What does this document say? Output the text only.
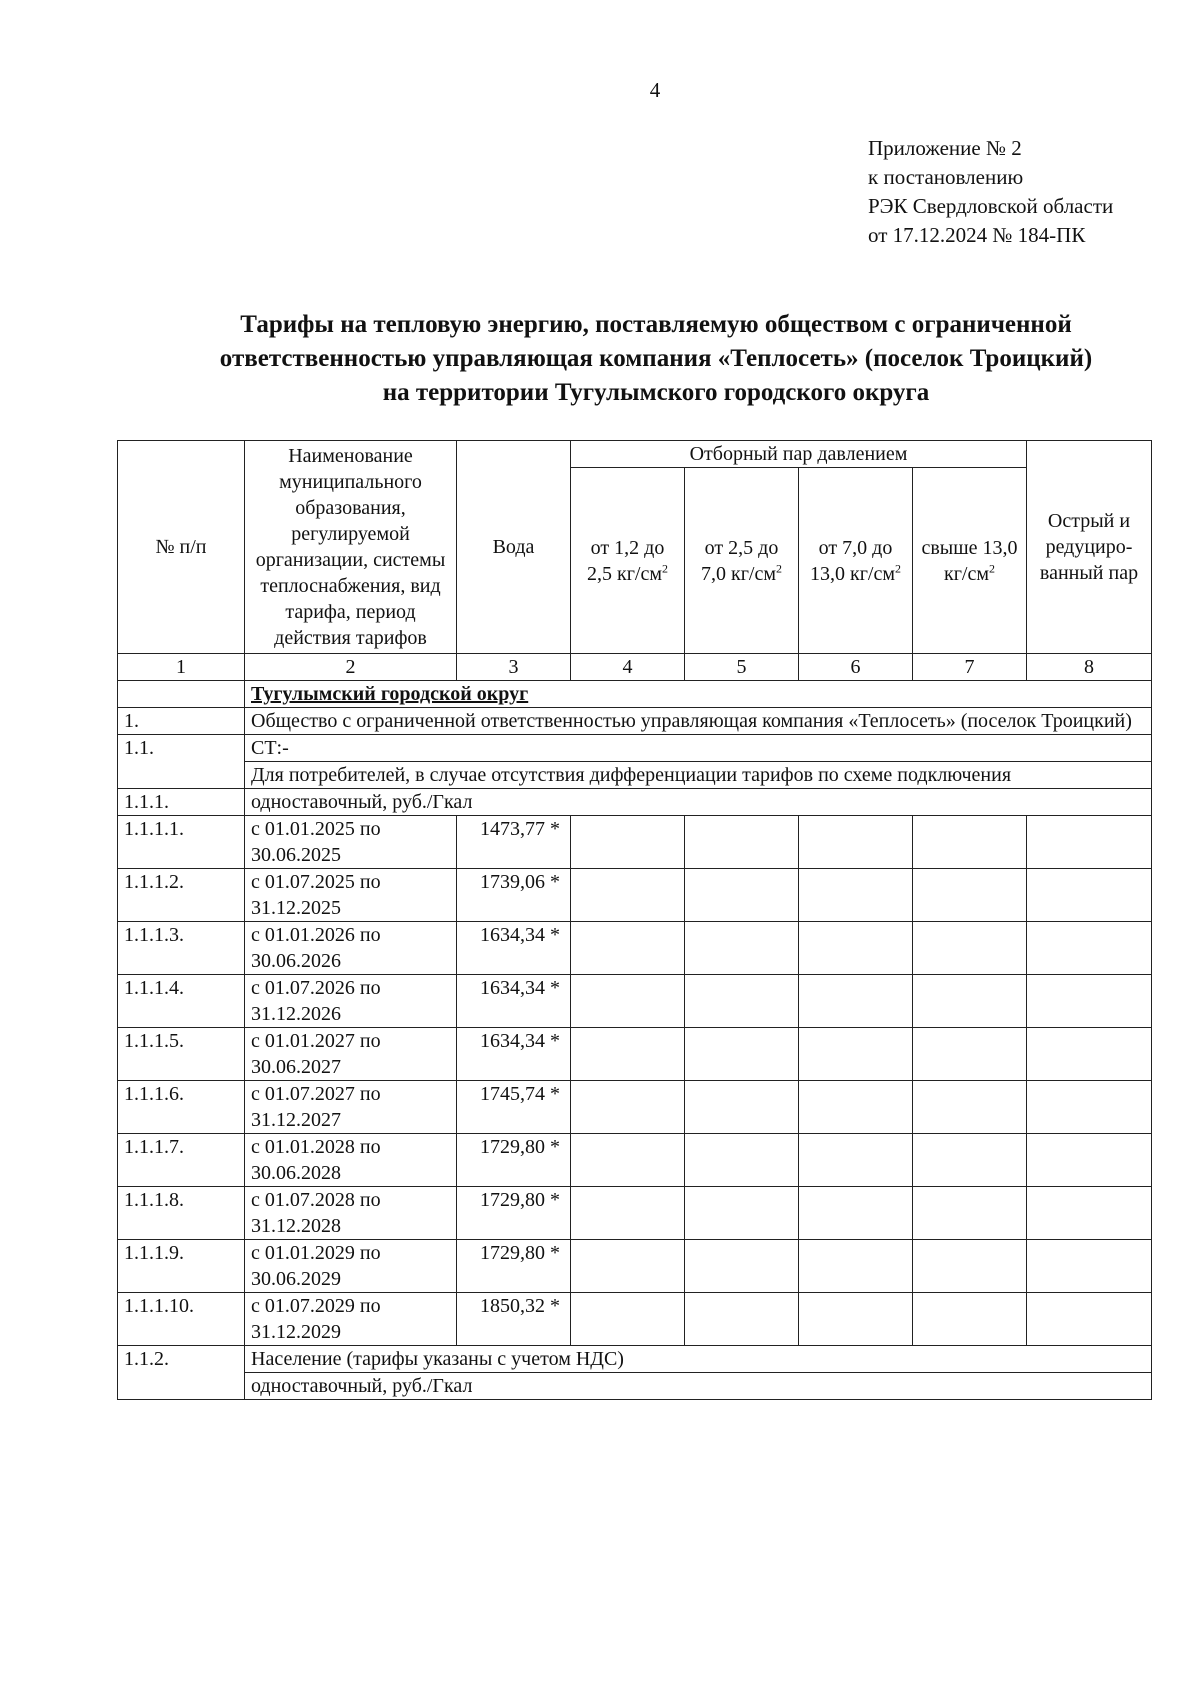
4
Приложение № 2
к постановлению
РЭК Свердловской области
от 17.12.2024 № 184-ПК
Тарифы на тепловую энергию, поставляемую обществом с ограниченной
ответственностью управляющая компания «Теплосеть» (поселок Троицкий)
на территории Тугулымского городского округа
№ п/п	Наименование муниципального образования, регулируемой организации, системы теплоснабжения, вид тарифа, период действия тарифов	Вода	Отборный пар давлением				Острый и редуциро-ванный пар
			от 1,2 до 2,5 $кг/см^2$	от 2,5 до 7,0 $кг/см^2$	от 7,0 до 13,0 $кг/см^2$	свыше 13,0 $кг/см^2$
1	2	3	4	5	6	7	8
	Тугулымский городской округ						
1.	Общество с ограниченной ответственностью управляющая компания «Теплосеть» (поселок Троицкий)						
1.1.	СТ:-						
	Для потребителей, в случае отсутствия дифференциации тарифов по схеме подключения						
1.1.1.	одноставочный, руб./Гкал						
1.1.1.1.	с 01.01.2025 по 30.06.2025	1473,77 *					
1.1.1.2.	с 01.07.2025 по 31.12.2025	1739,06 *					
1.1.1.3.	с 01.01.2026 по 30.06.2026	1634,34 *					
1.1.1.4.	с 01.07.2026 по 31.12.2026	1634,34 *					
1.1.1.5.	с 01.01.2027 по 30.06.2027	1634,34 *					
1.1.1.6.	с 01.07.2027 по 31.12.2027	1745,74 *					
1.1.1.7.	с 01.01.2028 по 30.06.2028	1729,80 *					
1.1.1.8.	с 01.07.2028 по 31.12.2028	1729,80 *					
1.1.1.9.	с 01.01.2029 по 30.06.2029	1729,80 *					
1.1.1.10.	с 01.07.2029 по 31.12.2029	1850,32 *					
1.1.2.	Население (тарифы указаны с учетом НДС)						
	одноставочный, руб./Гкал						
